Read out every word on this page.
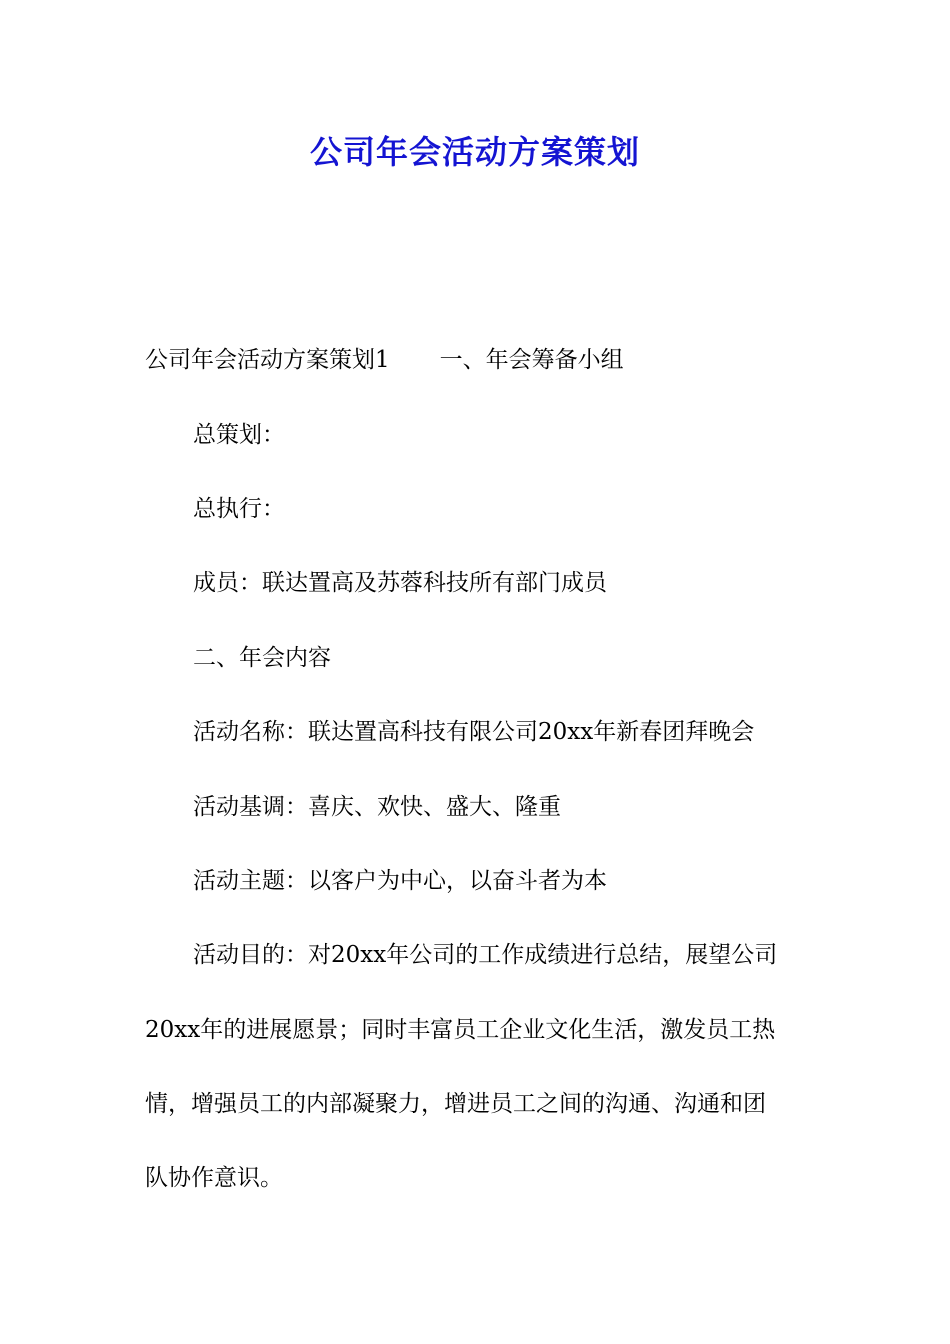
公司年会活动方案策划
公司年会活动方案策划1 一、年会筹备小组
总策划：
总执行：
成员：联达置高及苏蓉科技所有部门成员
二、年会内容
活动名称：联达置高科技有限公司20xx年新春团拜晚会
活动基调：喜庆、欢快、盛大、隆重
活动主题：以客户为中心，以奋斗者为本
活动目的：对20xx年公司的工作成绩进行总结，展望公司
20xx年的进展愿景；同时丰富员工企业文化生活，激发员工热
情，增强员工的内部凝聚力，增进员工之间的沟通、沟通和团
队协作意识。
